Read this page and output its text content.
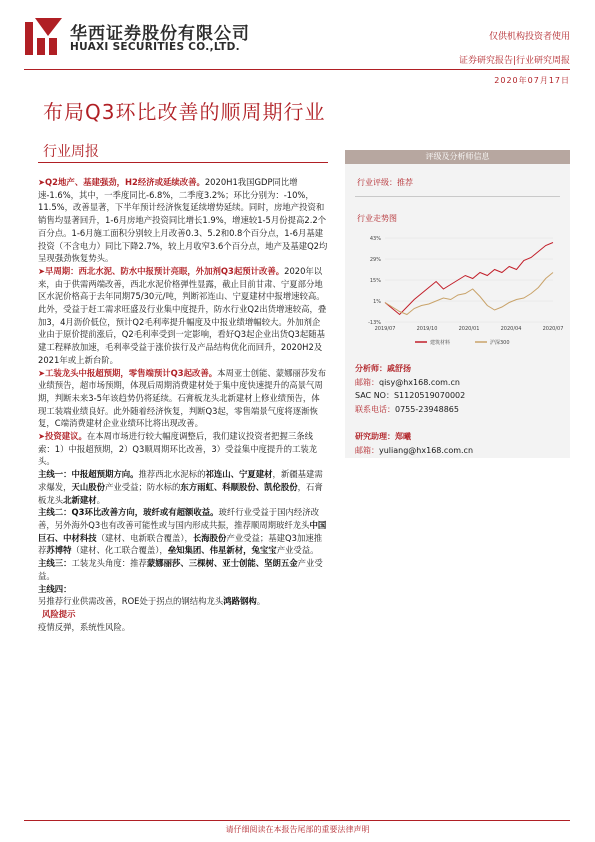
华西证券股份有限公司
HUAXI SECURITIES CO.,LTD.
仅供机构投资者使用
证券研究报告|行业研究周报
2020年07月17日
布局Q3环比改善的顺周期行业
行业周报

➤Q2地产、基建强劲，H2经济或延续改善。2020H1我国GDP同比增速-1.6%，其中，一季度同比-6.8%，二季度3.2%；环比分别为：-10%，11.5%，改善显著，下半年预计经济恢复延续增势延续。同时，房地产投资和销售均显著回升，1-6月房地产投资同比增长1.9%，增速较1-5月份提高2.2个百分点。1-6月施工面积分别较上月改善0.3、5.2和0.8个百分点，1-6月基建投资（不含电力）同比下降2.7%，较上月收窄3.6个百分点，地产及基建Q2均呈现强劲恢复势头。

➤早周期：西北水泥、防水中报预计亮眼，外加剂Q3起预计改善。2020年以来，由于供需两端改善，西北水泥价格弹性显露，截止目前甘肃、宁夏部分地区水泥价格高于去年同期75/30元/吨，判断祁连山、宁夏建材中报增速较高。此外，受益于赶工需求旺盛及行业集中度提升，防水行业Q2出货增速较高，叠加3，4月沥价低位，预计Q2毛利率提升幅度及中报业绩增幅较大。外加剂企业由于原价提前涨后，Q2毛利率受到一定影响，看好Q3起企业出货Q3起随基建工程释放加速，毛利率受益于涨价拔行及产品结构优化而回升，2020H2及2021年或上新台阶。

➤工装龙头中报超预期，零售端预计Q3起改善。本周亚士创能、蒙娜丽莎发布业绩预告，超市场预期，体现后周期消费建材处于集中度快速提升的高景气周期，判断未来3-5年该趋势仍将延续。石膏板龙头北新建材上修业绩预告，体现工装端业绩良好。此外随着经济恢复，判断Q3起，零售端景气度将逐渐恢复，C端消费建材企业业绩环比将出现改善。

➤投资建议。在本周市场进行较大幅度调整后，我们建议投资者把握三条线索：1）中报超预期，2）Q3顺周期环比改善，3）受益集中度提升的工装龙头。

主线一：中报超预期方向。推荐西北水泥标的祁连山、宁夏建材，新疆基建需求爆发，天山股份产业受益；防水标的东方雨虹、科顺股份、凯伦股份，石膏板龙头北新建材。

主线二：Q3环比改善方向，玻纤或有超额收益。玻纤行业受益于国内经济改善，另外海外Q3也有改善可能性或与国内形成共振，推荐顺周期玻纤龙头中国巨石、中材科技（建材、电新联合覆盖），长海股份产业受益；基建Q3加速推荐苏博特（建材、化工联合覆盖），垒知集团、伟星新材，兔宝宝产业受益。

主线三：工装龙头角度：推荐蒙娜丽莎、三棵树、亚士创能、坚朗五金产业受益。

主线四：
另推荐行业供需改善，ROE处于拐点的钢结构龙头鸿路钢构。

风险提示

疫情反弹，系统性风险。

评级及分析师信息
行业评级：推荐
行业走势图
43%
29%
15%
1%
-13%
2019/07	2019/10	2020/01	2020/04	2020/07
建筑材料	沪深300
分析师：戚舒扬
邮箱：qisy@hx168.com.cn
SAC NO：S1120519070002
联系电话：0755-23948865
研究助理：郑曦
邮箱：yuliang@hx168.com.cn
请仔细阅读在本报告尾部的重要法律声明
